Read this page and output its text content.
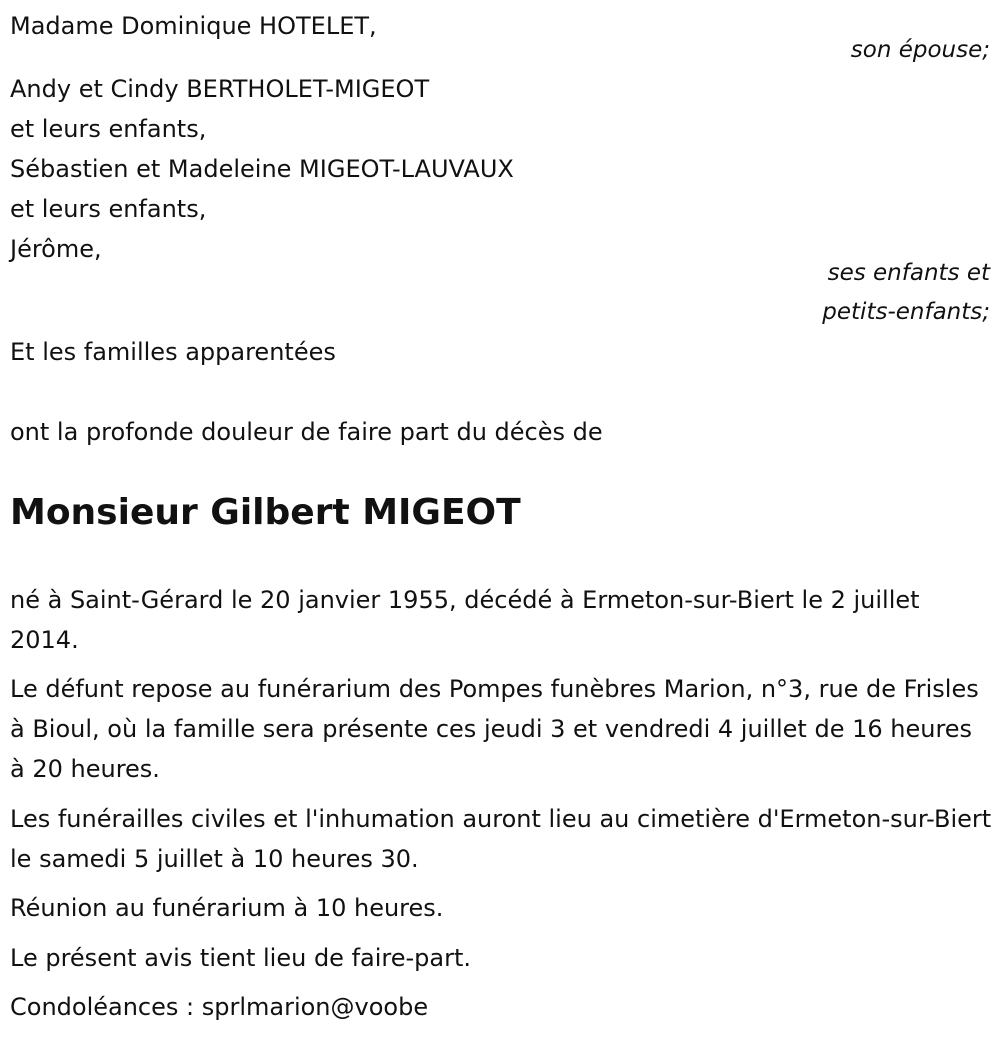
Madame Dominique HOTELET,
son épouse;
Andy et Cindy BERTHOLET-MIGEOT
et leurs enfants,
Sébastien et Madeleine MIGEOT-LAUVAUX
et leurs enfants,
Jérôme,
ses enfants et
petits-enfants;
Et les familles apparentées
ont la profonde douleur de faire part du décès de
Monsieur Gilbert MIGEOT
né à Saint-Gérard le 20 janvier 1955, décédé à Ermeton-sur-Biert le 2 juillet 2014.
Le défunt repose au funérarium des Pompes funèbres Marion, n°3, rue de Frisles à Bioul, où la famille sera présente ces jeudi 3 et vendredi 4 juillet de 16 heures à 20 heures.
Les funérailles civiles et l'inhumation auront lieu au cimetière d'Ermeton-sur-Biert le samedi 5 juillet à 10 heures 30.
Réunion au funérarium à 10 heures.
Le présent avis tient lieu de faire-part.
Condoléances : sprlmarion@voobe
